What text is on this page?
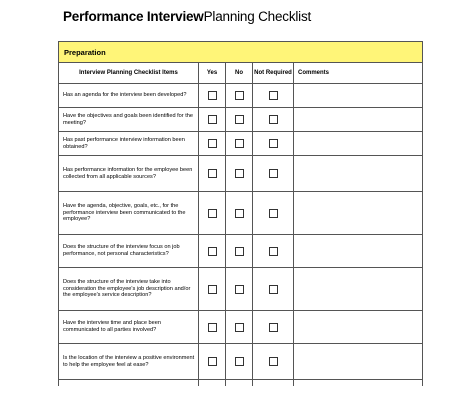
Performance InterviewPlanning Checklist
Preparation				
Interview Planning Checklist Items	Yes	No	Not Required	Comments
Has an agenda for the interview been developed?				
Have the objectives and goals been identified for the meeting?				
Has past performance interview information been obtained?				
Has performance information for the employee been collected from all applicable sources?				
Have the agenda, objective, goals, etc., for the performance interview been communicated to the employee?				
Does the structure of the interview focus on job performance, not personal characteristics?				
Does the structure of the interview take into consideration the employee's job description and/or the employee's service description?				
Have the interview time and place been communicated to all parties involved?				
Is the location of the interview a positive environment to help the employee feel at ease?				
